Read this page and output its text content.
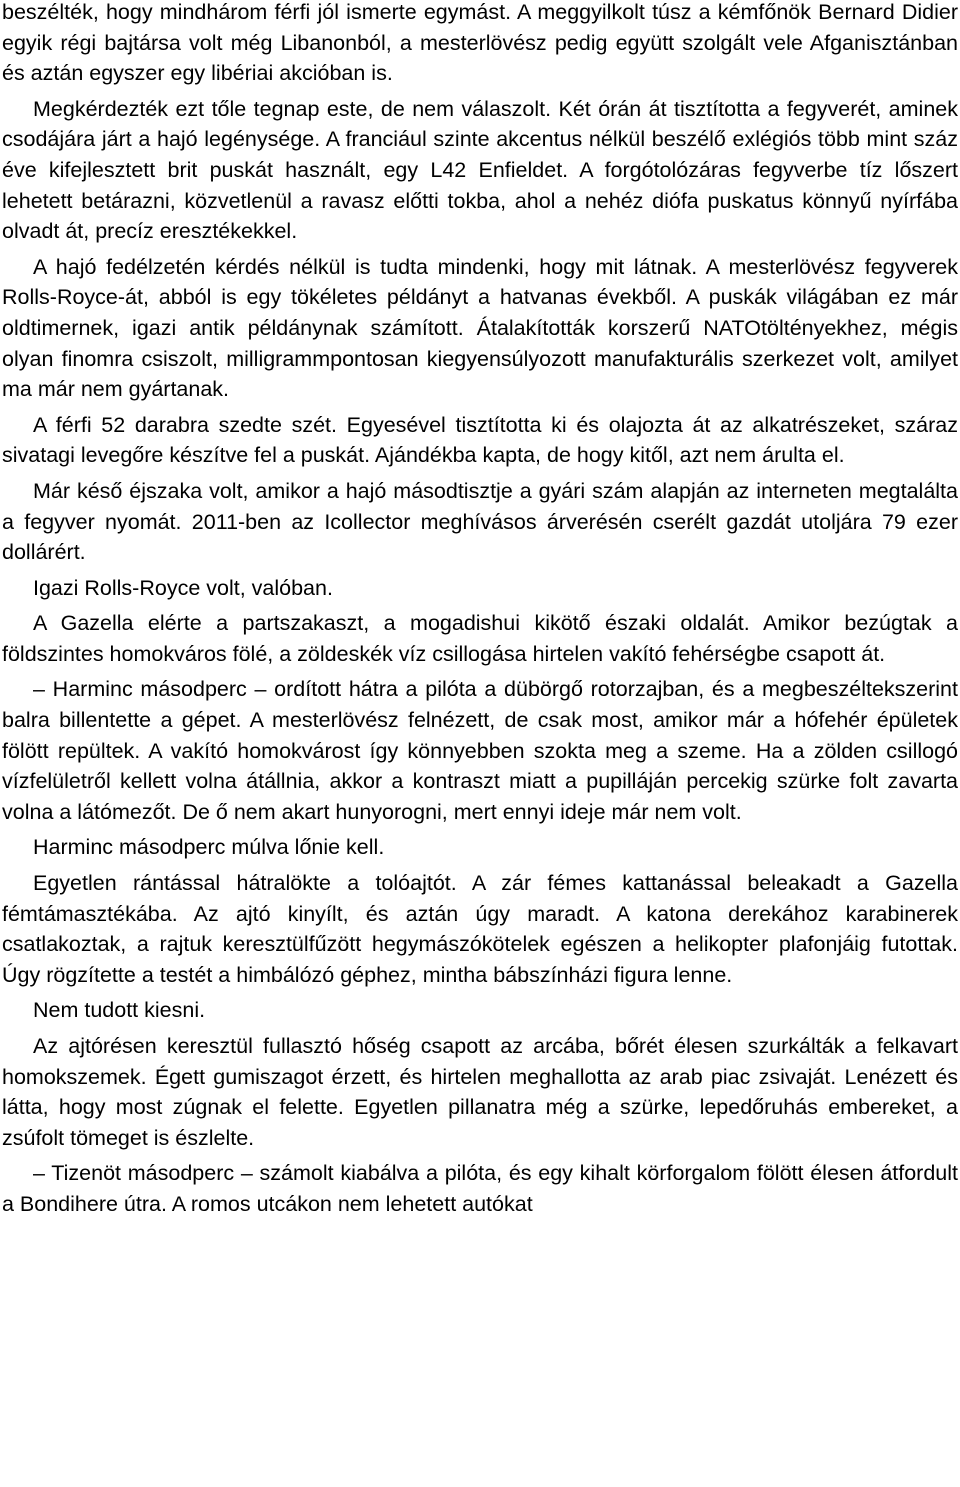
beszélték, hogy mindhárom férfi jól ismerte egymást. A meggyilkolt túsz a kémfőnök Bernard Didier egyik régi bajtársa volt még Libanonból, a mesterlövész pedig együtt szolgált vele Afganisztánban és aztán egyszer egy libériai akcióban is.

Megkérdezték ezt tőle tegnap este, de nem válaszolt. Két órán át tisztította a fegyverét, aminek csodájára járt a hajó legénysége. A franciául szinte akcentus nélkül beszélő exlégiós több mint száz éve kifejlesztett brit puskát használt, egy L42 Enfieldet. A forgótolózáras fegyverbe tíz lőszert lehetett betárazni, közvetlenül a ravasz előtti tokba, ahol a nehéz diófa puskatus könnyű nyírfába olvadt át, precíz eresztékekkel.

A hajó fedélzetén kérdés nélkül is tudta mindenki, hogy mit látnak. A mesterlövész fegyverek Rolls-Royce-át, abból is egy tökéletes példányt a hatvanas évekből. A puskák világában ez már oldtimernek, igazi antik példánynak számított. Átalakították korszerű NATOtöltényekhez, mégis olyan finomra csiszolt, milligrammpontosan kiegyensúlyozott manufakturális szerkezet volt, amilyet ma már nem gyártanak.

A férfi 52 darabra szedte szét. Egyesével tisztította ki és olajozta át az alkatrészeket, száraz sivatagi levegőre készítve fel a puskát. Ajándékba kapta, de hogy kitől, azt nem árulta el.

Már késő éjszaka volt, amikor a hajó másodtisztje a gyári szám alapján az interneten megtalálta a fegyver nyomát. 2011-ben az Icollector meghívásos árverésén cserélt gazdát utoljára 79 ezer dollárért.

Igazi Rolls-Royce volt, valóban.

A Gazella elérte a partszakaszt, a mogadishui kikötő északi oldalát. Amikor bezúgtak a földszintes homokváros fölé, a zöldeskék víz csillogása hirtelen vakító fehérségbe csapott át.

– Harminc másodperc – ordított hátra a pilóta a dübörgő rotorzajban, és a megbeszéltekszerint balra billentette a gépet. A mesterlövész felnézett, de csak most, amikor már a hófehér épületek fölött repültek. A vakító homokvárost így könnyebben szokta meg a szeme. Ha a zölden csillogó vízfelületről kellett volna átállnia, akkor a kontraszt miatt a pupilláján percekig szürke folt zavarta volna a látómezőt. De ő nem akart hunyorogni, mert ennyi ideje már nem volt.

Harminc másodperc múlva lőnie kell.

Egyetlen rántással hátralökte a tolóajtót. A zár fémes kattanással beleakadt a Gazella fémtámasztékába. Az ajtó kinyílt, és aztán úgy maradt. A katona derekához karabinerek csatlakoztak, a rajtuk keresztülfűzött hegymászókötelek egészen a helikopter plafonjáig futottak. Úgy rögzítette a testét a himbálózó géphez, mintha bábszínházi figura lenne.

Nem tudott kiesni.

Az ajtórésen keresztül fullasztó hőség csapott az arcába, bőrét élesen szurkálták a felkavart homokszemek. Égett gumiszagot érzett, és hirtelen meghallotta az arab piac zsivaját. Lenézett és látta, hogy most zúgnak el felette. Egyetlen pillanatra még a szürke, lepedőruhás embereket, a zsúfolt tömeget is észlelte.

– Tizenöt másodperc – számolt kiabálva a pilóta, és egy kihalt körforgalom fölött élesen átfordult a Bondihere útra. A romos utcákon nem lehetett autókat
